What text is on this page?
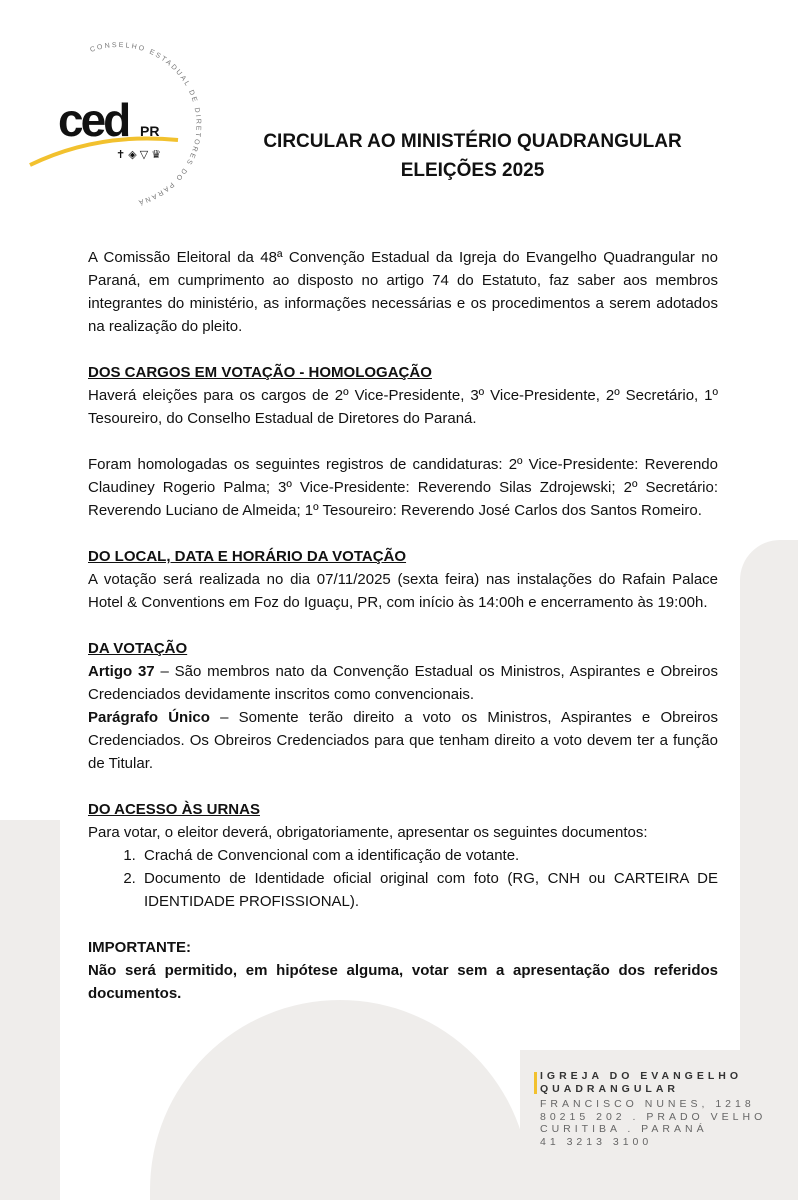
CONSELHO ESTADUAL DE DIRETORES DO PARANÁ
ced PR
✝ ◈ ▽ ♛
CIRCULAR AO MINISTÉRIO QUADRANGULAR
ELEIÇÕES 2025

A Comissão Eleitoral da 48ª Convenção Estadual da Igreja do Evangelho Quadrangular no Paraná, em cumprimento ao disposto no artigo 74 do Estatuto, faz saber aos membros integrantes do ministério, as informações necessárias e os procedimentos a serem adotados na realização do pleito.

DOS CARGOS EM VOTAÇÃO - HOMOLOGAÇÃO

Haverá eleições para os cargos de 2º Vice-Presidente, 3º Vice-Presidente, 2º Secretário, 1º Tesoureiro, do Conselho Estadual de Diretores do Paraná.

Foram homologadas os seguintes registros de candidaturas: 2º Vice-Presidente: Reverendo Claudiney Rogerio Palma; 3º Vice-Presidente: Reverendo Silas Zdrojewski; 2º Secretário: Reverendo Luciano de Almeida; 1º Tesoureiro: Reverendo José Carlos dos Santos Romeiro.

DO LOCAL, DATA E HORÁRIO DA VOTAÇÃO

A votação será realizada no dia 07/11/2025 (sexta feira) nas instalações do Rafain Palace Hotel & Conventions em Foz do Iguaçu, PR, com início às 14:00h e encerramento às 19:00h.

DA VOTAÇÃO

Artigo 37 – São membros nato da Convenção Estadual os Ministros, Aspirantes e Obreiros Credenciados devidamente inscritos como convencionais.

Parágrafo Único – Somente terão direito a voto os Ministros, Aspirantes e Obreiros Credenciados. Os Obreiros Credenciados para que tenham direito a voto devem ter a função de Titular.

DO ACESSO ÀS URNAS

Para votar, o eleitor deverá, obrigatoriamente, apresentar os seguintes documentos:

1. Crachá de Convencional com a identificação de votante.
2. Documento de Identidade oficial original com foto (RG, CNH ou CARTEIRA DE IDENTIDADE PROFISSIONAL).

IMPORTANTE:

Não será permitido, em hipótese alguma, votar sem a apresentação dos referidos documentos.

IGREJA DO EVANGELHO
QUADRANGULAR
FRANCISCO NUNES, 1218
80215 202 . PRADO VELHO
CURITIBA . PARANÁ
41 3213 3100
